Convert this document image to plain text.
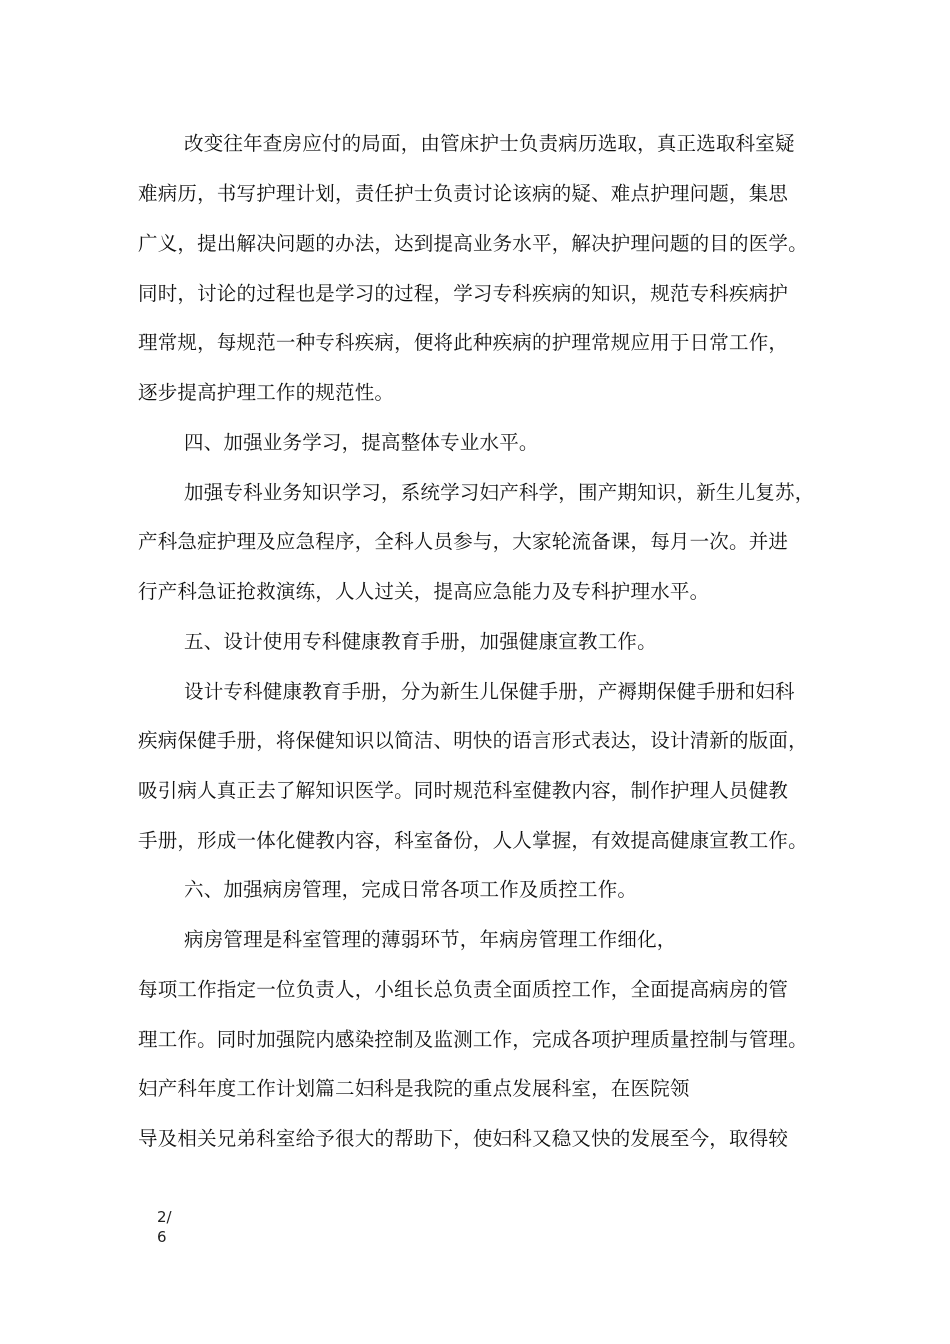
改变往年查房应付的局面，由管床护士负责病历选取，真正选取科室疑
难病历，书写护理计划，责任护士负责讨论该病的疑、难点护理问题，集思
广义，提出解决问题的办法，达到提高业务水平，解决护理问题的目的医学。
同时，讨论的过程也是学习的过程，学习专科疾病的知识，规范专科疾病护
理常规，每规范一种专科疾病，便将此种疾病的护理常规应用于日常工作，
逐步提高护理工作的规范性。
四、加强业务学习，提高整体专业水平。
加强专科业务知识学习，系统学习妇产科学，围产期知识，新生儿复苏，
产科急症护理及应急程序，全科人员参与，大家轮流备课，每月一次。并进
行产科急证抢救演练，人人过关，提高应急能力及专科护理水平。
五、设计使用专科健康教育手册，加强健康宣教工作。
设计专科健康教育手册，分为新生儿保健手册，产褥期保健手册和妇科
疾病保健手册，将保健知识以简洁、明快的语言形式表达，设计清新的版面，
吸引病人真正去了解知识医学。同时规范科室健教内容，制作护理人员健教
手册，形成一体化健教内容，科室备份，人人掌握，有效提高健康宣教工作。
六、加强病房管理，完成日常各项工作及质控工作。
病房管理是科室管理的薄弱环节，年病房管理工作细化，
每项工作指定一位负责人，小组长总负责全面质控工作，全面提高病房的管
理工作。同时加强院内感染控制及监测工作，完成各项护理质量控制与管理。
妇产科年度工作计划篇二妇科是我院的重点发展科室，在医院领
导及相关兄弟科室给予很大的帮助下，使妇科又稳又快的发展至今，取得较
2/
6
